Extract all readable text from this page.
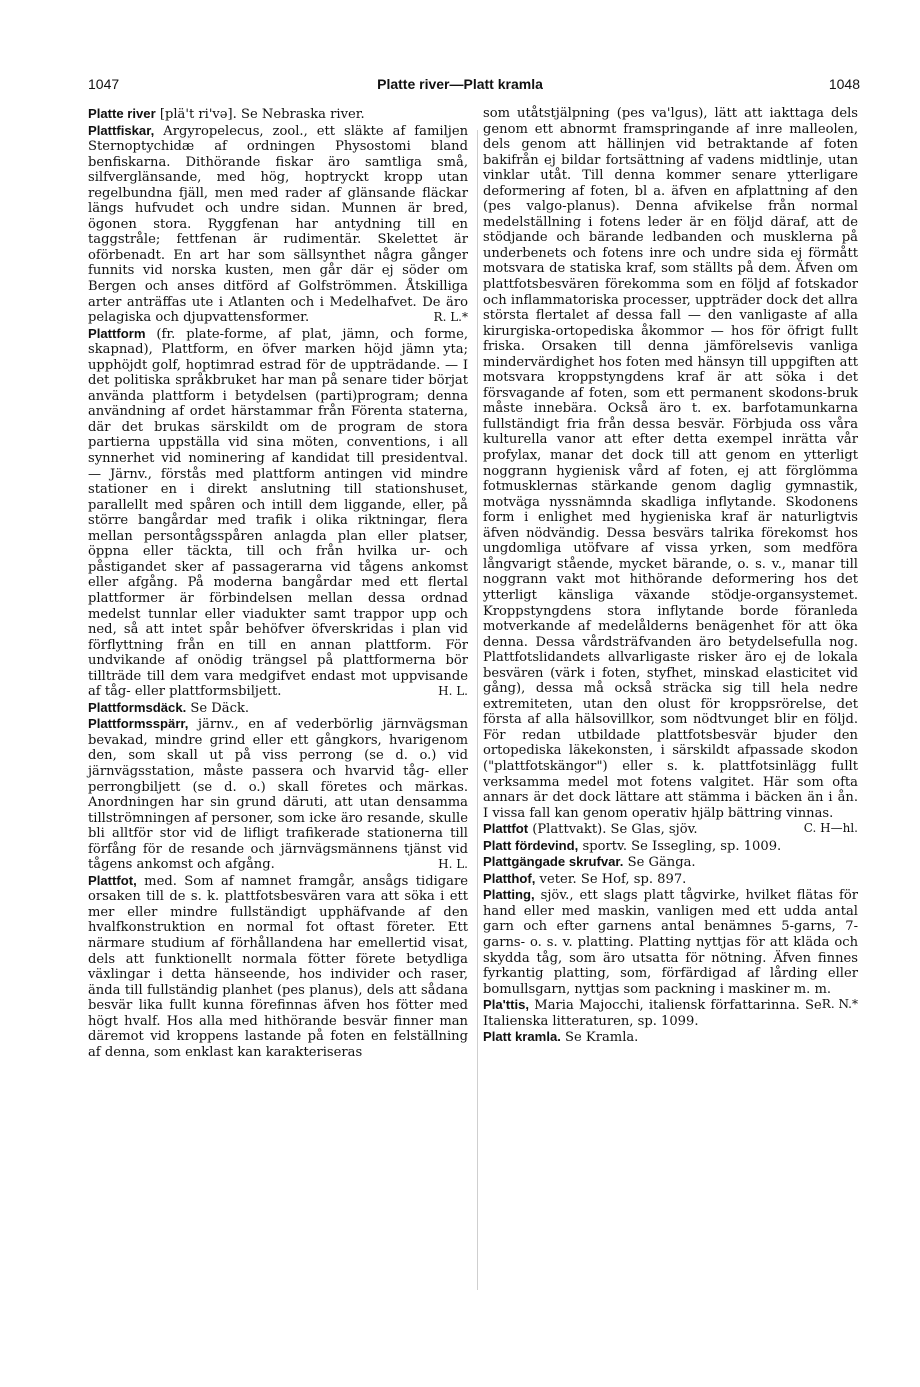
1047	Platte river—Platt kramla	1048

Platte river [plä't ri'vә]. Se Nebraska river.

Plattfiskar, Argyropelecus, zool., ett släkte af familjen Sternoptychidæ af ordningen Physostomi bland benfiskarna. Dithörande fiskar äro samtliga små, silfverglänsande, med hög, hoptryckt kropp utan regelbundna fjäll, men med rader af glänsande fläckar längs hufvudet och undre sidan. Munnen är bred, ögonen stora. Ryggfenan har antydning till en taggstråle; fettfenan är rudimentär. Skelettet är oförbenadt. En art har som sällsynthet några gånger funnits vid norska kusten, men går där ej söder om Bergen och anses ditförd af Golfströmmen. Åtskilliga arter anträffas ute i Atlanten och i Medelhafvet. De äro pelagiska och djupvattensformer.	R. L.*

Plattform (fr. plate-forme, af plat, jämn, och forme, skapnad), Plattform, en öfver marken höjd jämn yta; upphöjdt golf, hoptimrad estrad för de uppträdande. — I det politiska språkbruket har man på senare tider börjat använda plattform i betydelsen (parti)program; denna användning af ordet härstammar från Förenta staterna, där det brukas särskildt om de program de stora partierna uppställa vid sina möten, conventions, i all synnerhet vid nominering af kandidat till presidentval. — Järnv., förstås med plattform antingen vid mindre stationer en i direkt anslutning till stationshuset, parallellt med spåren och intill dem liggande, eller, på större bangårdar med trafik i olika riktningar, flera mellan persontågsspåren anlagda plan eller platser, öppna eller täckta, till och från hvilka ur- och påstigandet sker af passagerarna vid tågens ankomst eller afgång. På moderna bangårdar med ett flertal plattformer är förbindelsen mellan dessa ordnad medelst tunnlar eller viadukter samt trappor upp och ned, så att intet spår behöfver öfverskridas i plan vid förflyttning från en till en annan plattform. För undvikande af onödig trängsel på plattformerna bör tillträde till dem vara medgifvet endast mot uppvisande af tåg- eller plattformsbiljett.	H. L.

Plattformsdäck. Se Däck.

Plattformsspärr, järnv., en af vederbörlig järnvägsman bevakad, mindre grind eller ett gångkors, hvarigenom den, som skall ut på viss perrong (se d. o.) vid järnvägsstation, måste passera och hvarvid tåg- eller perrongbiljett (se d. o.) skall företes och märkas. Anordningen har sin grund däruti, att utan densamma tillströmningen af personer, som icke äro resande, skulle bli alltför stor vid de lifligt trafikerade stationerna till förfång för de resande och järnvägsmännens tjänst vid tågens ankomst och afgång.	H. L.

Plattfot, med. Som af namnet framgår, ansågs tidigare orsaken till de s. k. plattfotsbesvären vara att söka i ett mer eller mindre fullständigt upphäfvande af den hvalfkonstruktion en normal fot oftast företer. Ett närmare studium af förhållandena har emellertid visat, dels att funktionellt normala fötter förete betydliga växlingar i detta hänseende, hos individer och raser, ända till fullständig planhet (pes planus), dels att sådana besvär lika fullt kunna förefinnas äfven hos fötter med högt hvalf. Hos alla med hithörande besvär finner man däremot vid kroppens lastande på foten en felställning af denna, som enklast kan karakteriseras

som utåtstjälpning (pes va'lgus), lätt att iakttaga dels genom ett abnormt framspringande af inre malleolen, dels genom att hällinjen vid betraktande af foten bakifrån ej bildar fortsättning af vadens midtlinje, utan vinklar utåt. Till denna kommer senare ytterligare deformering af foten, bl a. äfven en afplattning af den (pes valgo-planus). Denna afvikelse från normal medelställning i fotens leder är en följd däraf, att de stödjande och bärande ledbanden och musklerna på underbenets och fotens inre och undre sida ej förmått motsvara de statiska kraf, som ställts på dem. Äfven om plattfotsbesvären förekomma som en följd af fotskador och inflammatoriska processer, uppträder dock det allra största flertalet af dessa fall — den vanligaste af alla kirurgiska-ortopediska åkommor — hos för öfrigt fullt friska. Orsaken till denna jämförelsevis vanliga mindervärdighet hos foten med hänsyn till uppgiften att motsvara kroppstyngdens kraf är att söka i det försvagande af foten, som ett permanent skodons-bruk måste innebära. Också äro t. ex. barfotamunkarna fullständigt fria från dessa besvär. Förbjuda oss våra kulturella vanor att efter detta exempel inrätta vår profylax, manar det dock till att genom en ytterligt noggrann hygienisk vård af foten, ej att förglömma fotmusklernas stärkande genom daglig gymnastik, motväga nyssnämnda skadliga inflytande. Skodonens form i enlighet med hygieniska kraf är naturligtvis äfven nödvändig. Dessa besvärs talrika förekomst hos ungdomliga utöfvare af vissa yrken, som medföra långvarigt stående, mycket bärande, o. s. v., manar till noggrann vakt mot hithörande deformering hos det ytterligt känsliga växande stödje-organsystemet. Kroppstyngdens stora inflytande borde föranleda motverkande af medelålderns benägenhet för att öka denna. Dessa vårdsträfvanden äro betydelsefulla nog. Plattfotslidandets allvarligaste risker äro ej de lokala besvären (värk i foten, styfhet, minskad elasticitet vid gång), dessa må också sträcka sig till hela nedre extremiteten, utan den olust för kroppsrörelse, det första af alla hälsovillkor, som nödtvunget blir en följd. För redan utbildade plattfotsbesvär bjuder den ortopediska läkekonsten, i särskildt afpassade skodon ("plattfotskängor") eller s. k. plattfotsinlägg fullt verksamma medel mot fotens valgitet. Här som ofta annars är det dock lättare att stämma i bäcken än i ån. I vissa fall kan genom operativ hjälp bättring vinnas.
C. H—hl.

Plattfot (Plattvakt). Se Glas, sjöv.

Platt fördevind, sportv. Se Issegling, sp. 1009.

Plattgängade skrufvar. Se Gänga.

Platthof, veter. Se Hof, sp. 897.

Platting, sjöv., ett slags platt tågvirke, hvilket flätas för hand eller med maskin, vanligen med ett udda antal garn och efter garnens antal benämnes 5-garns, 7-garns- o. s. v. platting. Platting nyttjas för att kläda och skydda tåg, som äro utsatta för nötning. Äfven finnes fyrkantig platting, som, förfärdigad af lårding eller bomullsgarn, nyttjas som packning i maskiner m. m.
R. N.*

Pla'ttis, Maria Majocchi, italiensk författarinna. Se Italienska litteraturen, sp. 1099.

Platt kramla. Se Kramla.
